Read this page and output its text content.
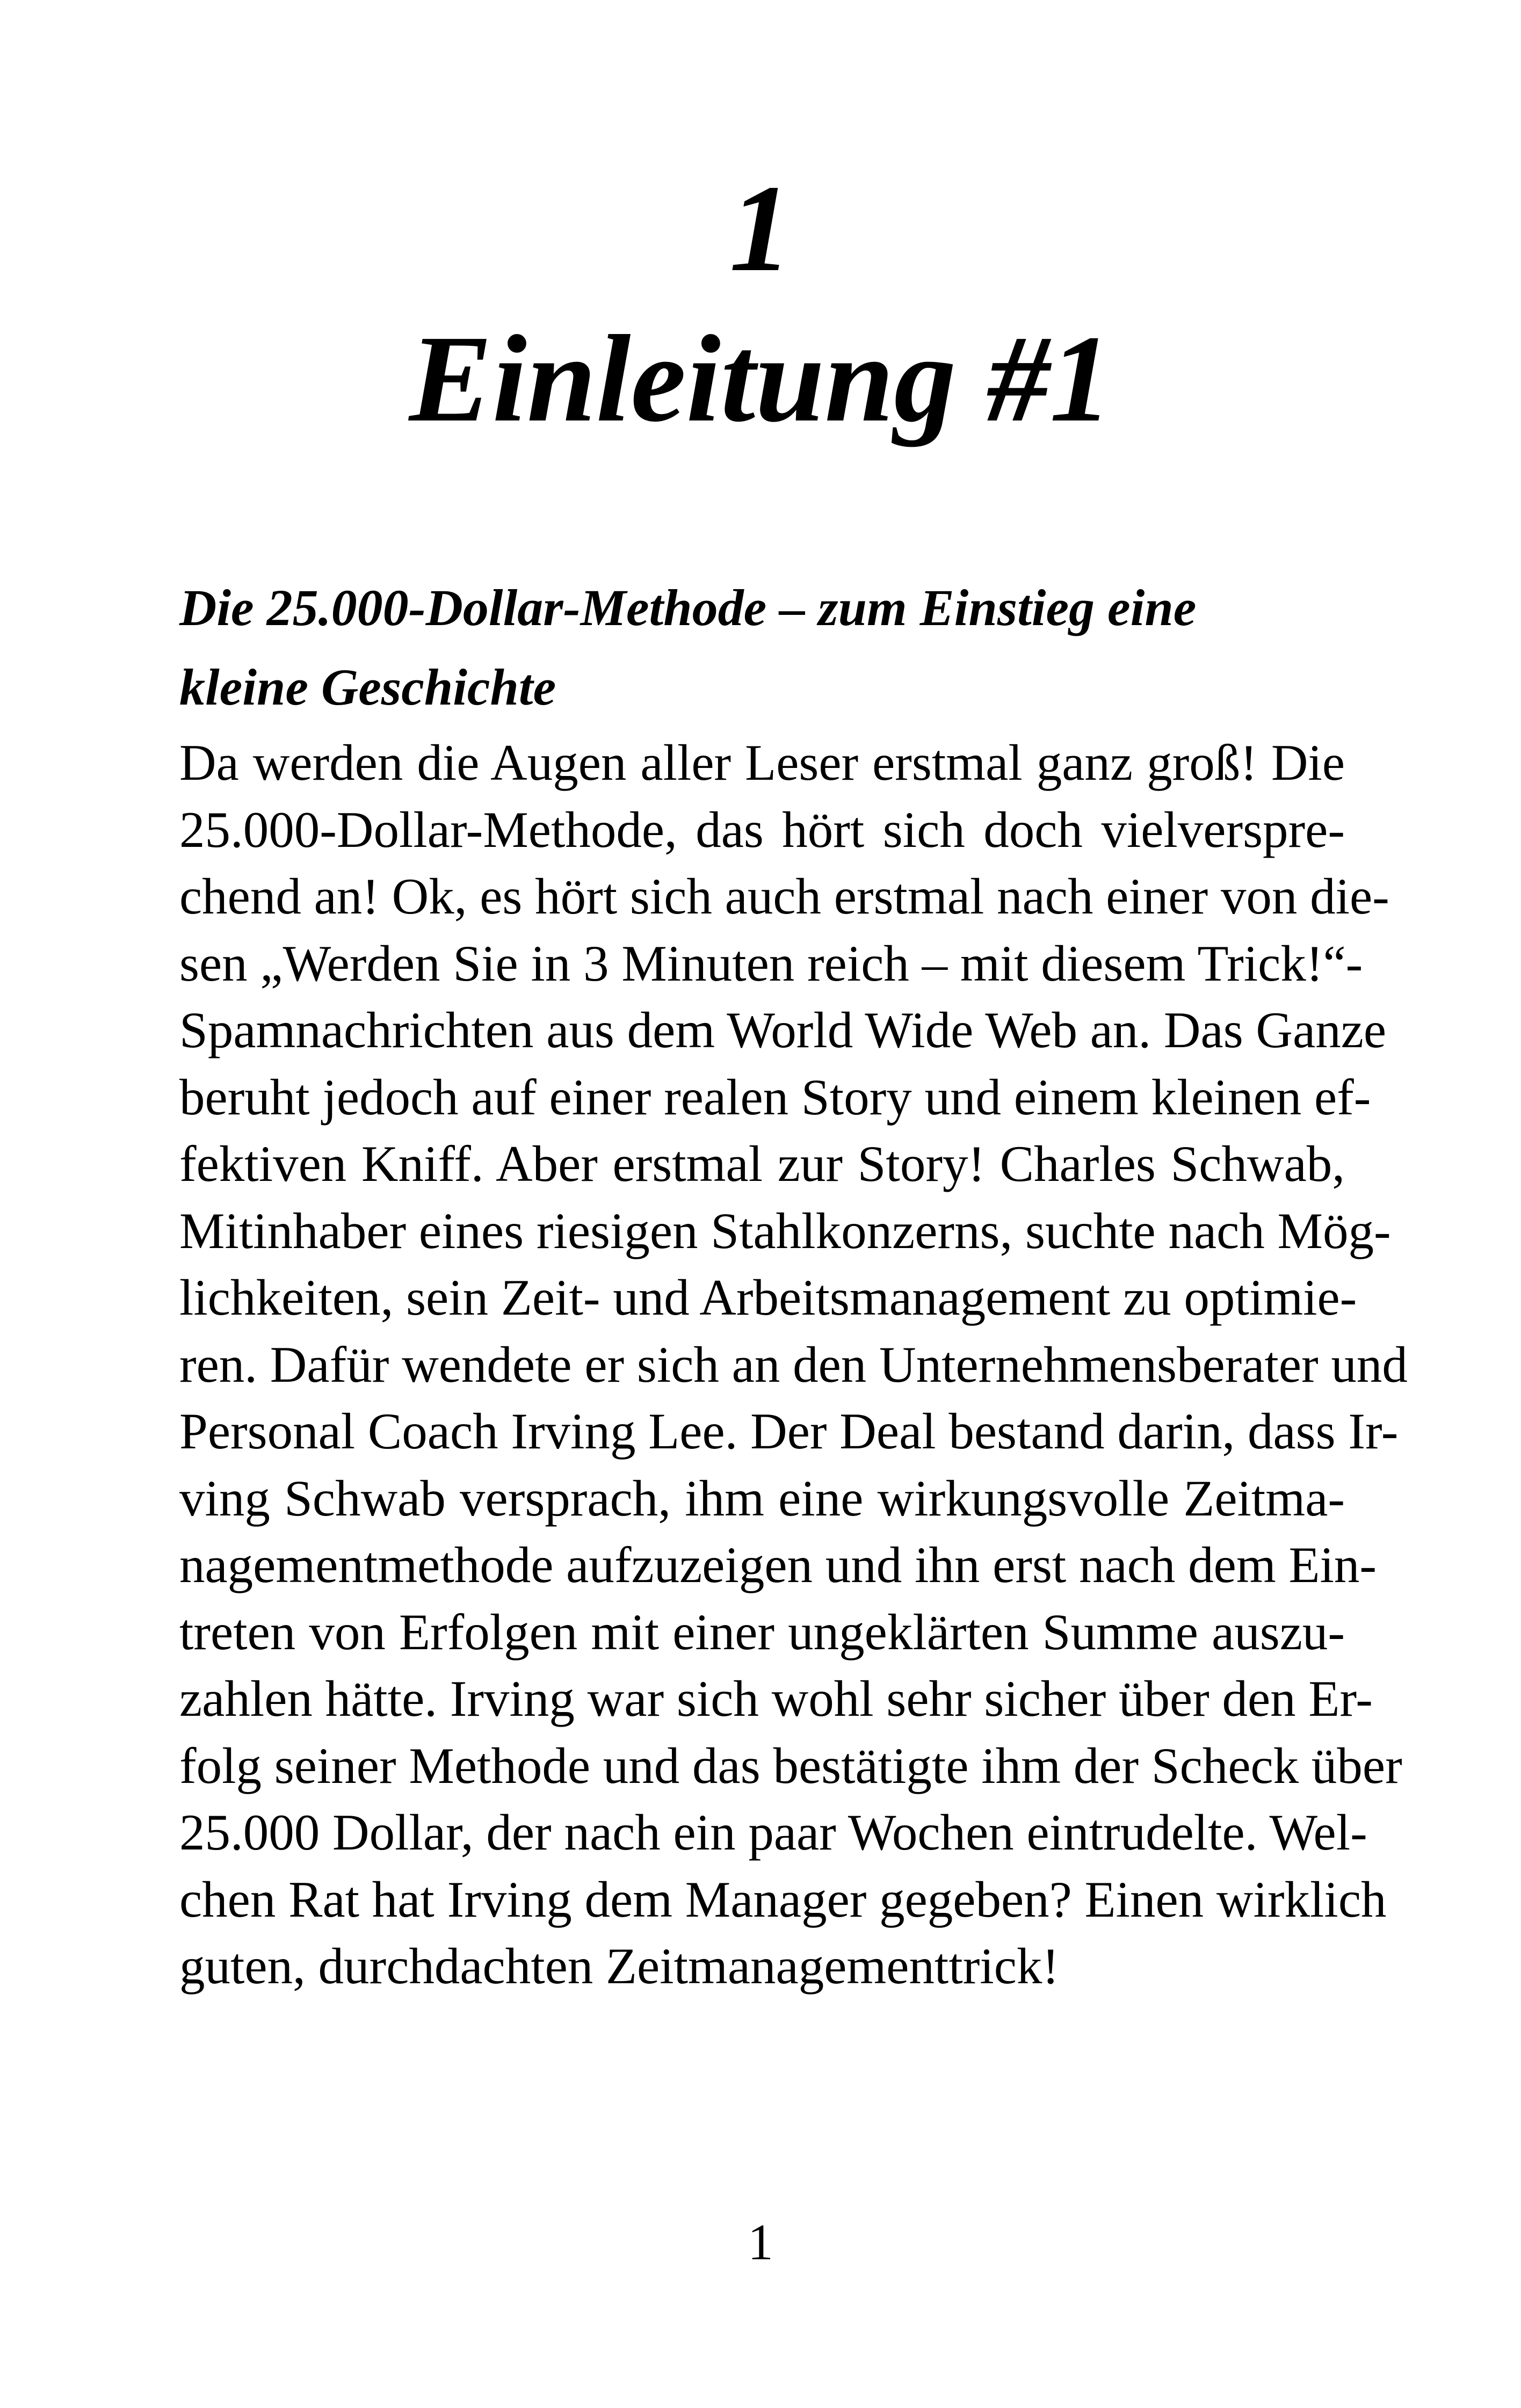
1
Einleitung #1
Die 25.000-Dollar-Methode – zum Einstieg eine
kleine Geschichte
Da werden die Augen aller Leser erstmal ganz groß! Die
25.000-Dollar-Methode, das hört sich doch vielverspre-
chend an! Ok, es hört sich auch erstmal nach einer von die-
sen „Werden Sie in 3 Minuten reich – mit diesem Trick!“-
Spamnachrichten aus dem World Wide Web an. Das Ganze
beruht jedoch auf einer realen Story und einem kleinen ef-
fektiven Kniff. Aber erstmal zur Story! Charles Schwab,
Mitinhaber eines riesigen Stahlkonzerns, suchte nach Mög-
lichkeiten, sein Zeit- und Arbeitsmanagement zu optimie-
ren. Dafür wendete er sich an den Unternehmensberater und
Personal Coach Irving Lee. Der Deal bestand darin, dass Ir-
ving Schwab versprach, ihm eine wirkungsvolle Zeitma-
nagementmethode aufzuzeigen und ihn erst nach dem Ein-
treten von Erfolgen mit einer ungeklärten Summe auszu-
zahlen hätte. Irving war sich wohl sehr sicher über den Er-
folg seiner Methode und das bestätigte ihm der Scheck über
25.000 Dollar, der nach ein paar Wochen eintrudelte. Wel-
chen Rat hat Irving dem Manager gegeben? Einen wirklich
guten, durchdachten Zeitmanagementtrick!
1
